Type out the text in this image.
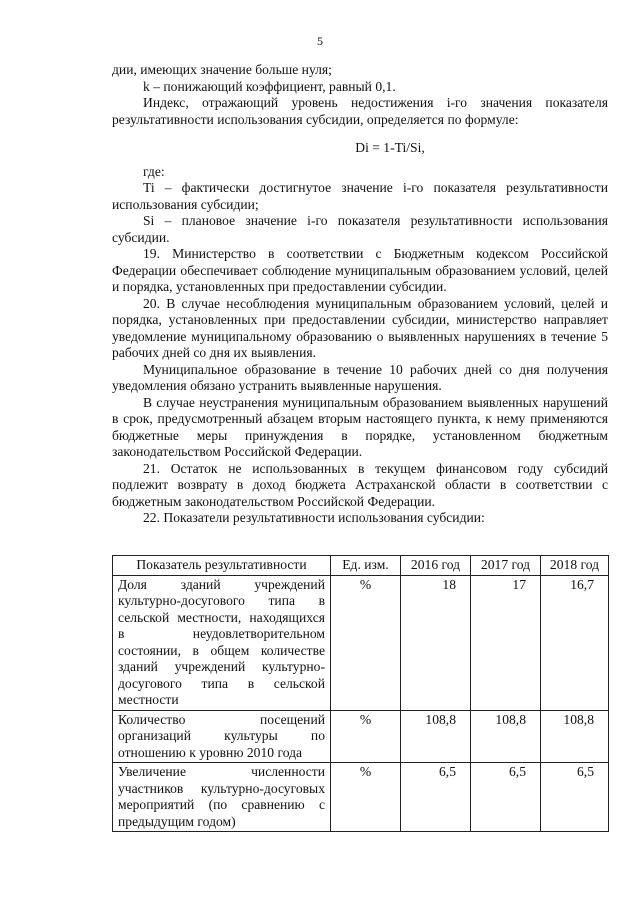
5

дии, имеющих значение больше нуля;

k – понижающий коэффициент, равный 0,1.

Индекс, отражающий уровень недостижения i-го значения показателя результативности использования субсидии, определяется по формуле:

Di = 1-Ti/Si,

где:

Ti – фактически достигнутое значение i-го показателя результативности использования субсидии;

Si – плановое значение i-го показателя результативности использования субсидии.

19. Министерство в соответствии с Бюджетным кодексом Российской Федерации обеспечивает соблюдение муниципальным образованием условий, целей и порядка, установленных при предоставлении субсидии.

20. В случае несоблюдения муниципальным образованием условий, целей и порядка, установленных при предоставлении субсидии, министерство направляет уведомление муниципальному образованию о выявленных нарушениях в течение 5 рабочих дней со дня их выявления.

Муниципальное образование в течение 10 рабочих дней со дня получения уведомления обязано устранить выявленные нарушения.

В случае неустранения муниципальным образованием выявленных нарушений в срок, предусмотренный абзацем вторым настоящего пункта, к нему применяются бюджетные меры принуждения в порядке, установленном бюджетным законодательством Российской Федерации.

21. Остаток не использованных в текущем финансовом году субсидий подлежит возврату в доход бюджета Астраханской области в соответствии с бюджетным законодательством Российской Федерации.

22. Показатели результативности использования субсидии:

Показатель результативности	Ед. изм.	2016 год	2017 год	2018 год
Доля зданий учреждений культурно-досугового типа в сельской местности, находящихся в неудовлетворительном состоянии, в общем количестве зданий учреждений культурно-досугового типа в сельской местности	%	18	17	16,7
Количество посещений организаций культуры по отношению к уровню 2010 года	%	108,8	108,8	108,8
Увеличение численности участников культурно-досуговых мероприятий (по сравнению с предыдущим годом)	%	6,5	6,5	6,5
